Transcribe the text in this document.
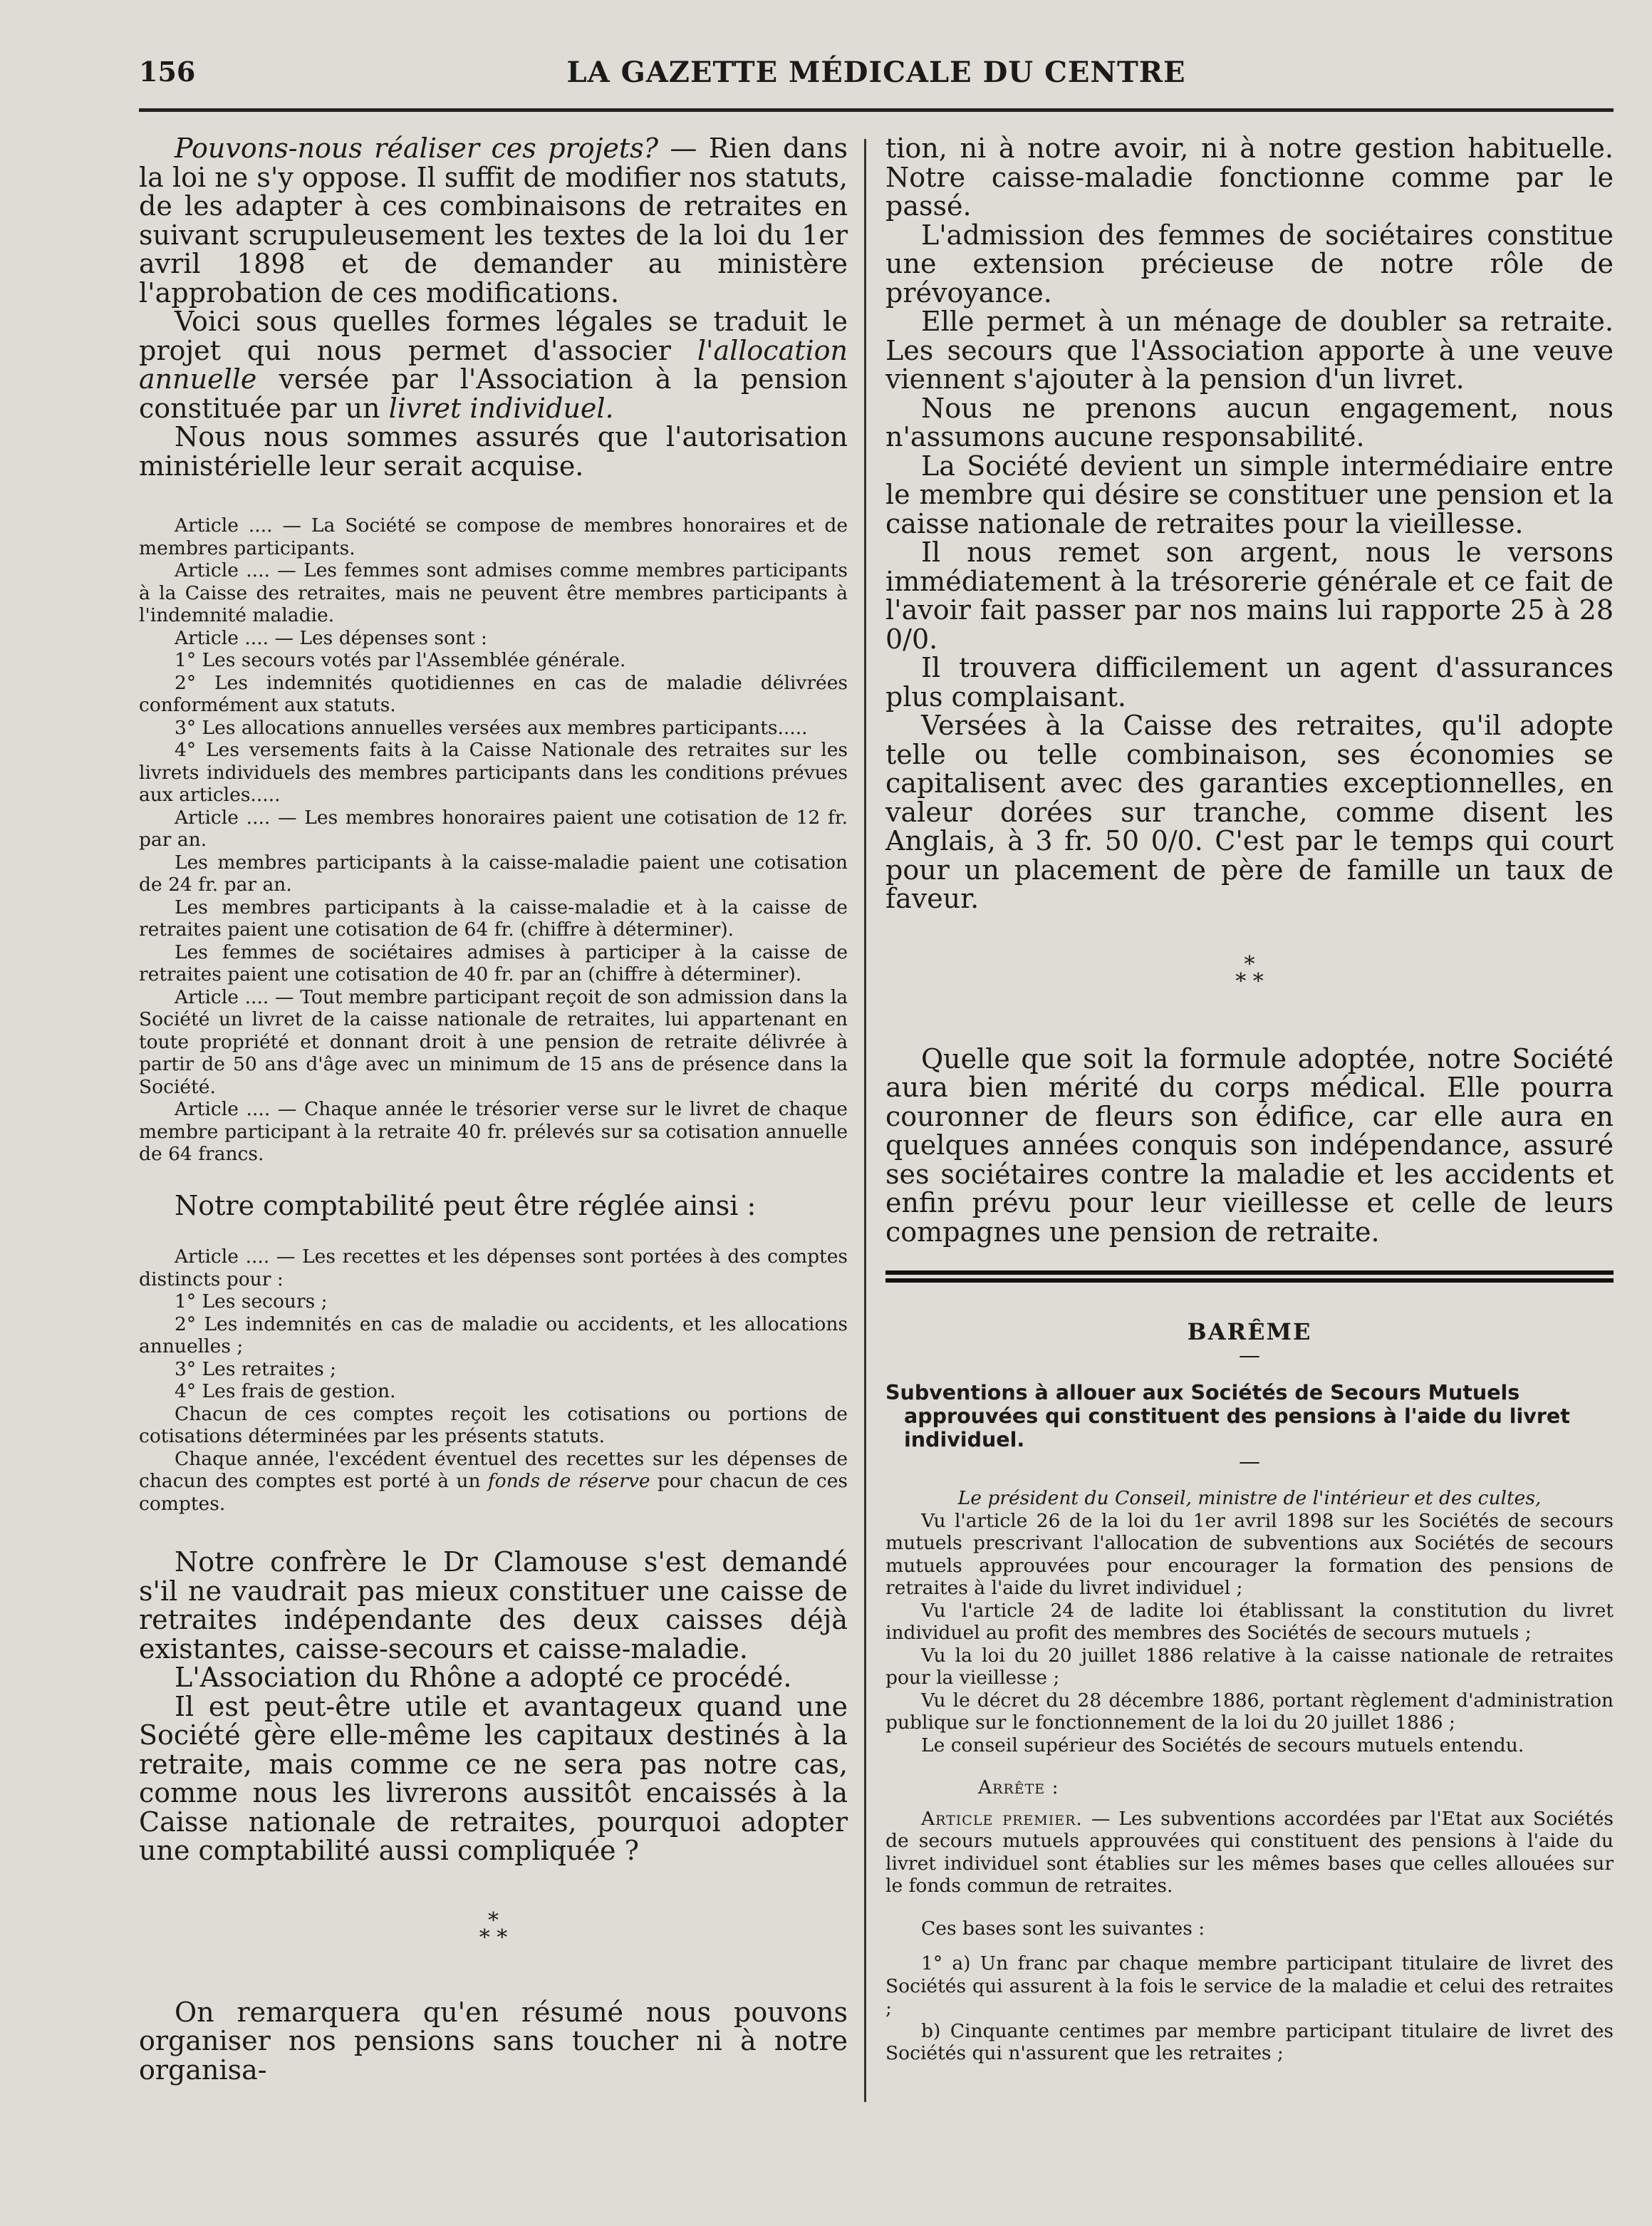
156	LA GAZETTE MÉDICALE DU CENTRE

Pouvons-nous réaliser ces projets? — Rien dans la loi ne s'y oppose. Il suffit de modifier nos statuts, de les adapter à ces combinaisons de retraites en suivant scrupuleusement les textes de la loi du 1er avril 1898 et de demander au ministère l'approbation de ces modifications.

Voici sous quelles formes légales se traduit le projet qui nous permet d'associer l'allocation annuelle versée par l'Association à la pension constituée par un livret individuel.

Nous nous sommes assurés que l'autorisation ministérielle leur serait acquise.

Article .... — La Société se compose de membres honoraires et de membres participants.

Article .... — Les femmes sont admises comme membres participants à la Caisse des retraites, mais ne peuvent être membres participants à l'indemnité maladie.

Article .... — Les dépenses sont :

1° Les secours votés par l'Assemblée générale.

2° Les indemnités quotidiennes en cas de maladie délivrées conformément aux statuts.

3° Les allocations annuelles versées aux membres participants.....

4° Les versements faits à la Caisse Nationale des retraites sur les livrets individuels des membres participants dans les conditions prévues aux articles.....

Article .... — Les membres honoraires paient une cotisation de 12 fr. par an.

Les membres participants à la caisse-maladie paient une cotisation de 24 fr. par an.

Les membres participants à la caisse-maladie et à la caisse de retraites paient une cotisation de 64 fr. (chiffre à déterminer).

Les femmes de sociétaires admises à participer à la caisse de retraites paient une cotisation de 40 fr. par an (chiffre à déterminer).

Article .... — Tout membre participant reçoit de son admission dans la Société un livret de la caisse nationale de retraites, lui appartenant en toute propriété et donnant droit à une pension de retraite délivrée à partir de 50 ans d'âge avec un minimum de 15 ans de présence dans la Société.

Article .... — Chaque année le trésorier verse sur le livret de chaque membre participant à la retraite 40 fr. prélevés sur sa cotisation annuelle de 64 francs.

Notre comptabilité peut être réglée ainsi :

Article .... — Les recettes et les dépenses sont portées à des comptes distincts pour :

1° Les secours ;

2° Les indemnités en cas de maladie ou accidents, et les allocations annuelles ;

3° Les retraites ;

4° Les frais de gestion.

Chacun de ces comptes reçoit les cotisations ou portions de cotisations déterminées par les présents statuts.

Chaque année, l'excédent éventuel des recettes sur les dépenses de chacun des comptes est porté à un fonds de réserve pour chacun de ces comptes.

Notre confrère le Dr Clamouse s'est demandé s'il ne vaudrait pas mieux constituer une caisse de retraites indépendante des deux caisses déjà existantes, caisse-secours et caisse-maladie.

L'Association du Rhône a adopté ce procédé.

Il est peut-être utile et avantageux quand une Société gère elle-même les capitaux destinés à la retraite, mais comme ce ne sera pas notre cas, comme nous les livrerons aussitôt encaissés à la Caisse nationale de retraites, pourquoi adopter une comptabilité aussi compliquée ?

*
* *

On remarquera qu'en résumé nous pouvons organiser nos pensions sans toucher ni à notre organisa-

tion, ni à notre avoir, ni à notre gestion habituelle. Notre caisse-maladie fonctionne comme par le passé.

L'admission des femmes de sociétaires constitue une extension précieuse de notre rôle de prévoyance.

Elle permet à un ménage de doubler sa retraite. Les secours que l'Association apporte à une veuve viennent s'ajouter à la pension d'un livret.

Nous ne prenons aucun engagement, nous n'assumons aucune responsabilité.

La Société devient un simple intermédiaire entre le membre qui désire se constituer une pension et la caisse nationale de retraites pour la vieillesse.

Il nous remet son argent, nous le versons immédiatement à la trésorerie générale et ce fait de l'avoir fait passer par nos mains lui rapporte 25 à 28 0/0.

Il trouvera difficilement un agent d'assurances plus complaisant.

Versées à la Caisse des retraites, qu'il adopte telle ou telle combinaison, ses économies se capitalisent avec des garanties exceptionnelles, en valeur dorées sur tranche, comme disent les Anglais, à 3 fr. 50 0/0. C'est par le temps qui court pour un placement de père de famille un taux de faveur.

*
* *

Quelle que soit la formule adoptée, notre Société aura bien mérité du corps médical. Elle pourra couronner de fleurs son édifice, car elle aura en quelques années conquis son indépendance, assuré ses sociétaires contre la maladie et les accidents et enfin prévu pour leur vieillesse et celle de leurs compagnes une pension de retraite.

BARÊME
—

Subventions à allouer aux Sociétés de Secours Mutuels approuvées qui constituent des pensions à l'aide du livret individuel.

—

Le président du Conseil, ministre de l'intérieur et des cultes,

Vu l'article 26 de la loi du 1er avril 1898 sur les Sociétés de secours mutuels prescrivant l'allocation de subventions aux Sociétés de secours mutuels approuvées pour encourager la formation des pensions de retraites à l'aide du livret individuel ;

Vu l'article 24 de ladite loi établissant la constitution du livret individuel au profit des membres des Sociétés de secours mutuels ;

Vu la loi du 20 juillet 1886 relative à la caisse nationale de retraites pour la vieillesse ;

Vu le décret du 28 décembre 1886, portant règlement d'administration publique sur le fonctionnement de la loi du 20 juillet 1886 ;

Le conseil supérieur des Sociétés de secours mutuels entendu.

Arrête :

Article premier. — Les subventions accordées par l'Etat aux Sociétés de secours mutuels approuvées qui constituent des pensions à l'aide du livret individuel sont établies sur les mêmes bases que celles allouées sur le fonds commun de retraites.

Ces bases sont les suivantes :

1° a) Un franc par chaque membre participant titulaire de livret des Sociétés qui assurent à la fois le service de la maladie et celui des retraites ;

b) Cinquante centimes par membre participant titulaire de livret des Sociétés qui n'assurent que les retraites ;
